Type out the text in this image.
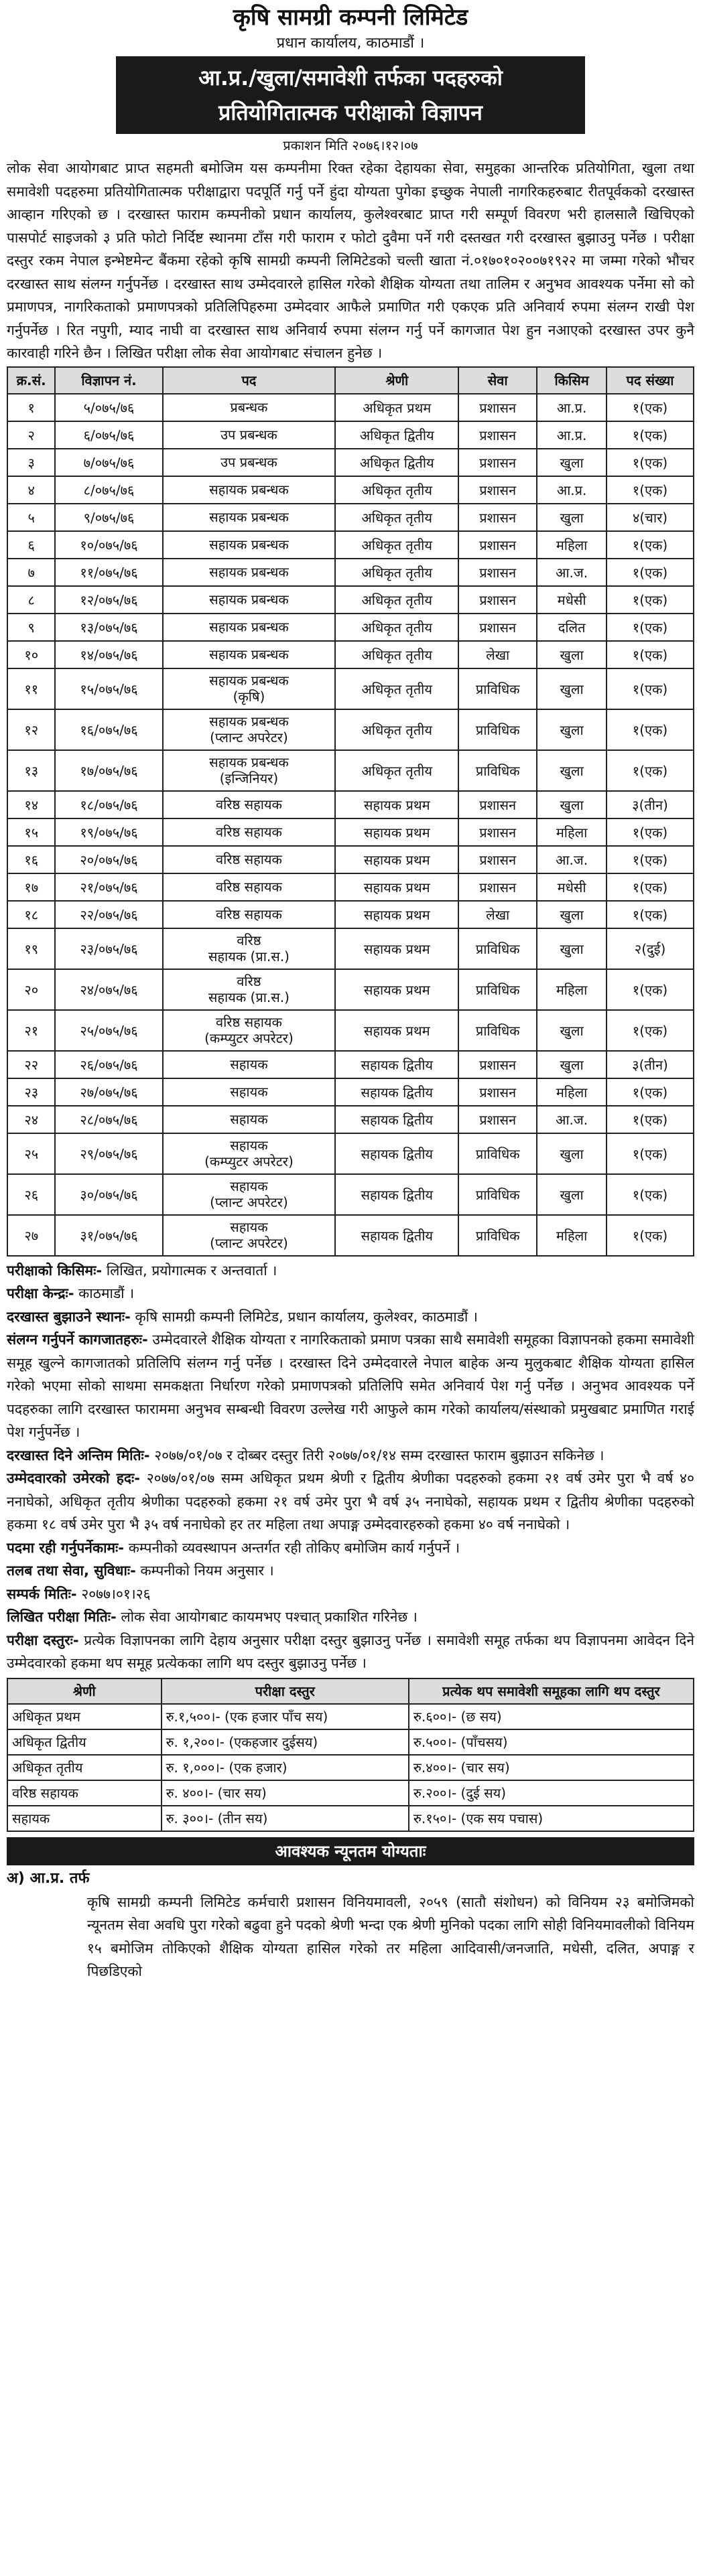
कृषि सामग्री कम्पनी लिमिटेड
प्रधान कार्यालय, काठमाडौं ।
आ.प्र./खुला/समावेशी तर्फका पदहरुको
प्रतियोगितात्मक परीक्षाको विज्ञापन
प्रकाशन मिति २०७६।१२।०७

लोक सेवा आयोगबाट प्राप्त सहमती बमोजिम यस कम्पनीमा रिक्त रहेका देहायका सेवा, समुहका आन्तरिक प्रतियोगिता, खुला तथा समावेशी पदहरुमा प्रतियोगितात्मक परीक्षाद्वारा पदपूर्ति गर्नु पर्ने हुंदा योग्यता पुगेका इच्छुक नेपाली नागरिकहरुबाट रीतपूर्वकको दरखास्त आव्हान गरिएको छ । दरखास्त फाराम कम्पनीको प्रधान कार्यालय, कुलेश्वरबाट प्राप्त गरी सम्पूर्ण विवरण भरी हालसालै खिचिएको पासपोर्ट साइजको ३ प्रति फोटो निर्दिष्ट स्थानमा टाँस गरी फाराम र फोटो दुवैमा पर्ने गरी दस्तखत गरी दरखास्त बुझाउनु पर्नेछ । परीक्षा दस्तुर रकम नेपाल इन्भेष्टमेन्ट बैंकमा रहेको कृषि सामग्री कम्पनी लिमिटेडको चल्ती खाता नं.०१७०१०२००७१९२२ मा जम्मा गरेको भौचर दरखास्त साथ संलग्न गर्नुपर्नेछ । दरखास्त साथ उम्मेदवारले हासिल गरेको शैक्षिक योग्यता तथा तालिम र अनुभव आवश्यक पर्नेमा सो को प्रमाणपत्र, नागरिकताको प्रमाणपत्रको प्रतिलिपिहरुमा उम्मेदवार आफैले प्रमाणित गरी एकएक प्रति अनिवार्य रुपमा संलग्न राखी पेश गर्नुपर्नेछ । रित नपुगी, म्याद नाघी वा दरखास्त साथ अनिवार्य रुपमा संलग्न गर्नु पर्ने कागजात पेश हुन नआएको दरखास्त उपर कुनै कारवाही गरिने छैन । लिखित परीक्षा लोक सेवा आयोगबाट संचालन हुनेछ ।

क्र.सं.	विज्ञापन नं.	पद	श्रेणी	सेवा	किसिम	पद संख्या
१	५/०७५/७६	प्रबन्धक	अधिकृत प्रथम	प्रशासन	आ.प्र.	१(एक)
२	६/०७५/७६	उप प्रबन्धक	अधिकृत द्वितीय	प्रशासन	आ.प्र.	१(एक)
३	७/०७५/७६	उप प्रबन्धक	अधिकृत द्वितीय	प्रशासन	खुला	१(एक)
४	८/०७५/७६	सहायक प्रबन्धक	अधिकृत तृतीय	प्रशासन	आ.प्र.	१(एक)
५	९/०७५/७६	सहायक प्रबन्धक	अधिकृत तृतीय	प्रशासन	खुला	४(चार)
६	१०/०७५/७६	सहायक प्रबन्धक	अधिकृत तृतीय	प्रशासन	महिला	१(एक)
७	११/०७५/७६	सहायक प्रबन्धक	अधिकृत तृतीय	प्रशासन	आ.ज.	१(एक)
८	१२/०७५/७६	सहायक प्रबन्धक	अधिकृत तृतीय	प्रशासन	मधेसी	१(एक)
९	१३/०७५/७६	सहायक प्रबन्धक	अधिकृत तृतीय	प्रशासन	दलित	१(एक)
१०	१४/०७५/७६	सहायक प्रबन्धक	अधिकृत तृतीय	लेखा	खुला	१(एक)
११	१५/०७५/७६	सहायक प्रबन्धक
(कृषि)	अधिकृत तृतीय	प्राविधिक	खुला	१(एक)
१२	१६/०७५/७६	सहायक प्रबन्धक
(प्लान्ट अपरेटर)	अधिकृत तृतीय	प्राविधिक	खुला	१(एक)
१३	१७/०७५/७६	सहायक प्रबन्धक
(इन्जिनियर)	अधिकृत तृतीय	प्राविधिक	खुला	१(एक)
१४	१८/०७५/७६	वरिष्ठ सहायक	सहायक प्रथम	प्रशासन	खुला	३(तीन)
१५	१९/०७५/७६	वरिष्ठ सहायक	सहायक प्रथम	प्रशासन	महिला	१(एक)
१६	२०/०७५/७६	वरिष्ठ सहायक	सहायक प्रथम	प्रशासन	आ.ज.	१(एक)
१७	२१/०७५/७६	वरिष्ठ सहायक	सहायक प्रथम	प्रशासन	मधेसी	१(एक)
१८	२२/०७५/७६	वरिष्ठ सहायक	सहायक प्रथम	लेखा	खुला	१(एक)
१९	२३/०७५/७६	वरिष्ठ
सहायक (प्रा.स.)	सहायक प्रथम	प्राविधिक	खुला	२(दुई)
२०	२४/०७५/७६	वरिष्ठ
सहायक (प्रा.स.)	सहायक प्रथम	प्राविधिक	महिला	१(एक)
२१	२५/०७५/७६	वरिष्ठ सहायक
(कम्प्युटर अपरेटर)	सहायक प्रथम	प्राविधिक	खुला	१(एक)
२२	२६/०७५/७६	सहायक	सहायक द्वितीय	प्रशासन	खुला	३(तीन)
२३	२७/०७५/७६	सहायक	सहायक द्वितीय	प्रशासन	महिला	१(एक)
२४	२८/०७५/७६	सहायक	सहायक द्वितीय	प्रशासन	आ.ज.	१(एक)
२५	२९/०७५/७६	सहायक
(कम्प्युटर अपरेटर)	सहायक द्वितीय	प्राविधिक	खुला	१(एक)
२६	३०/०७५/७६	सहायक
(प्लान्ट अपरेटर)	सहायक द्वितीय	प्राविधिक	खुला	१(एक)
२७	३१/०७५/७६	सहायक
(प्लान्ट अपरेटर)	सहायक द्वितीय	प्राविधिक	महिला	१(एक)

परीक्षाको किसिमः- लिखित, प्रयोगात्मक र अन्तवार्ता ।

परीक्षा केन्द्रः- काठमाडौं ।

दरखास्त बुझाउने स्थानः- कृषि सामग्री कम्पनी लिमिटेड, प्रधान कार्यालय, कुलेश्वर, काठमाडौं ।

संलग्न गर्नुपर्ने कागजातहरुः- उम्मेदवारले शैक्षिक योग्यता र नागरिकताको प्रमाण पत्रका साथै समावेशी समूहका विज्ञापनको हकमा समावेशी समूह खुल्ने कागजातको प्रतिलिपि संलग्न गर्नु पर्नेछ । दरखास्त दिने उम्मेदवारले नेपाल बाहेक अन्य मुलुकबाट शैक्षिक योग्यता हासिल गरेको भएमा सोको साथमा समकक्षता निर्धारण गरेको प्रमाणपत्रको प्रतिलिपि समेत अनिवार्य पेश गर्नु पर्नेछ । अनुभव आवश्यक पर्ने पदहरुका लागि दरखास्त फाराममा अनुभव सम्बन्धी विवरण उल्लेख गरी आफुले काम गरेको कार्यालय/संस्थाको प्रमुखबाट प्रमाणित गराई पेश गर्नुपर्नेछ ।

दरखास्त दिने अन्तिम मितिः- २०७७/०१/०७ र दोब्बर दस्तुर तिरी २०७७/०१/१४ सम्म दरखास्त फाराम बुझाउन सकिनेछ ।

उम्मेदवारको उमेरको हदः- २०७७/०१/०७ सम्म अधिकृत प्रथम श्रेणी र द्वितीय श्रेणीका पदहरुको हकमा २१ वर्ष उमेर पुरा भै वर्ष ४० ननाघेको, अधिकृत तृतीय श्रेणीका पदहरुको हकमा २१ वर्ष उमेर पुरा भै वर्ष ३५ ननाघेको, सहायक प्रथम र द्वितीय श्रेणीका पदहरुको हकमा १८ वर्ष उमेर पुरा भै ३५ वर्ष ननाघेको हर तर महिला तथा अपाङ्ग उम्मेदवारहरुको हकमा ४० वर्ष ननाघेको ।

पदमा रही गर्नुपर्नेकामः- कम्पनीको व्यवस्थापन अन्तर्गत रही तोकिए बमोजिम कार्य गर्नुपर्ने ।

तलब तथा सेवा, सुविधाः- कम्पनीको नियम अनुसार ।

सम्पर्क मितिः- २०७७।०१।२६

लिखित परीक्षा मितिः- लोक सेवा आयोगबाट कायमभए पश्चात् प्रकाशित गरिनेछ ।

परीक्षा दस्तुरः- प्रत्येक विज्ञापनका लागि देहाय अनुसार परीक्षा दस्तुर बुझाउनु पर्नेछ । समावेशी समूह तर्फका थप विज्ञापनमा आवेदन दिने उम्मेदवारको हकमा थप समूह प्रत्येकका लागि थप दस्तुर बुझाउनु पर्नेछ ।

श्रेणी	परीक्षा दस्तुर	प्रत्येक थप समावेशी समूहका लागि थप दस्तुर
अधिकृत प्रथम	रु.१,५००।- (एक हजार पाँच सय)	रु.६००।- (छ सय)
अधिकृत द्वितीय	रु. १,२००।- (एकहजार दुईसय)	रु.५००।- (पाँचसय)
अधिकृत तृतीय	रु. १,०००।- (एक हजार)	रु.४००।- (चार सय)
वरिष्ठ सहायक	रु. ४००।- (चार सय)	रु.२००।- (दुई सय)
सहायक	रु. ३००।- (तीन सय)	रु.१५०।- (एक सय पचास)
आवश्यक न्यूनतम योग्यताः
अ) आ.प्र. तर्फ

कृषि सामग्री कम्पनी लिमिटेड कर्मचारी प्रशासन विनियमावली, २०५९ (सातौ संशोधन) को विनियम २३ बमोजिमको न्यूनतम सेवा अवधि पुरा गरेको बढुवा हुने पदको श्रेणी भन्दा एक श्रेणी मुनिको पदका लागि सोही विनियमावलीको विनियम १५ बमोजिम तोकिएको शैक्षिक योग्यता हासिल गरेको तर महिला आदिवासी/जनजाति, मधेसी, दलित, अपाङ्ग र पिछडिएको
